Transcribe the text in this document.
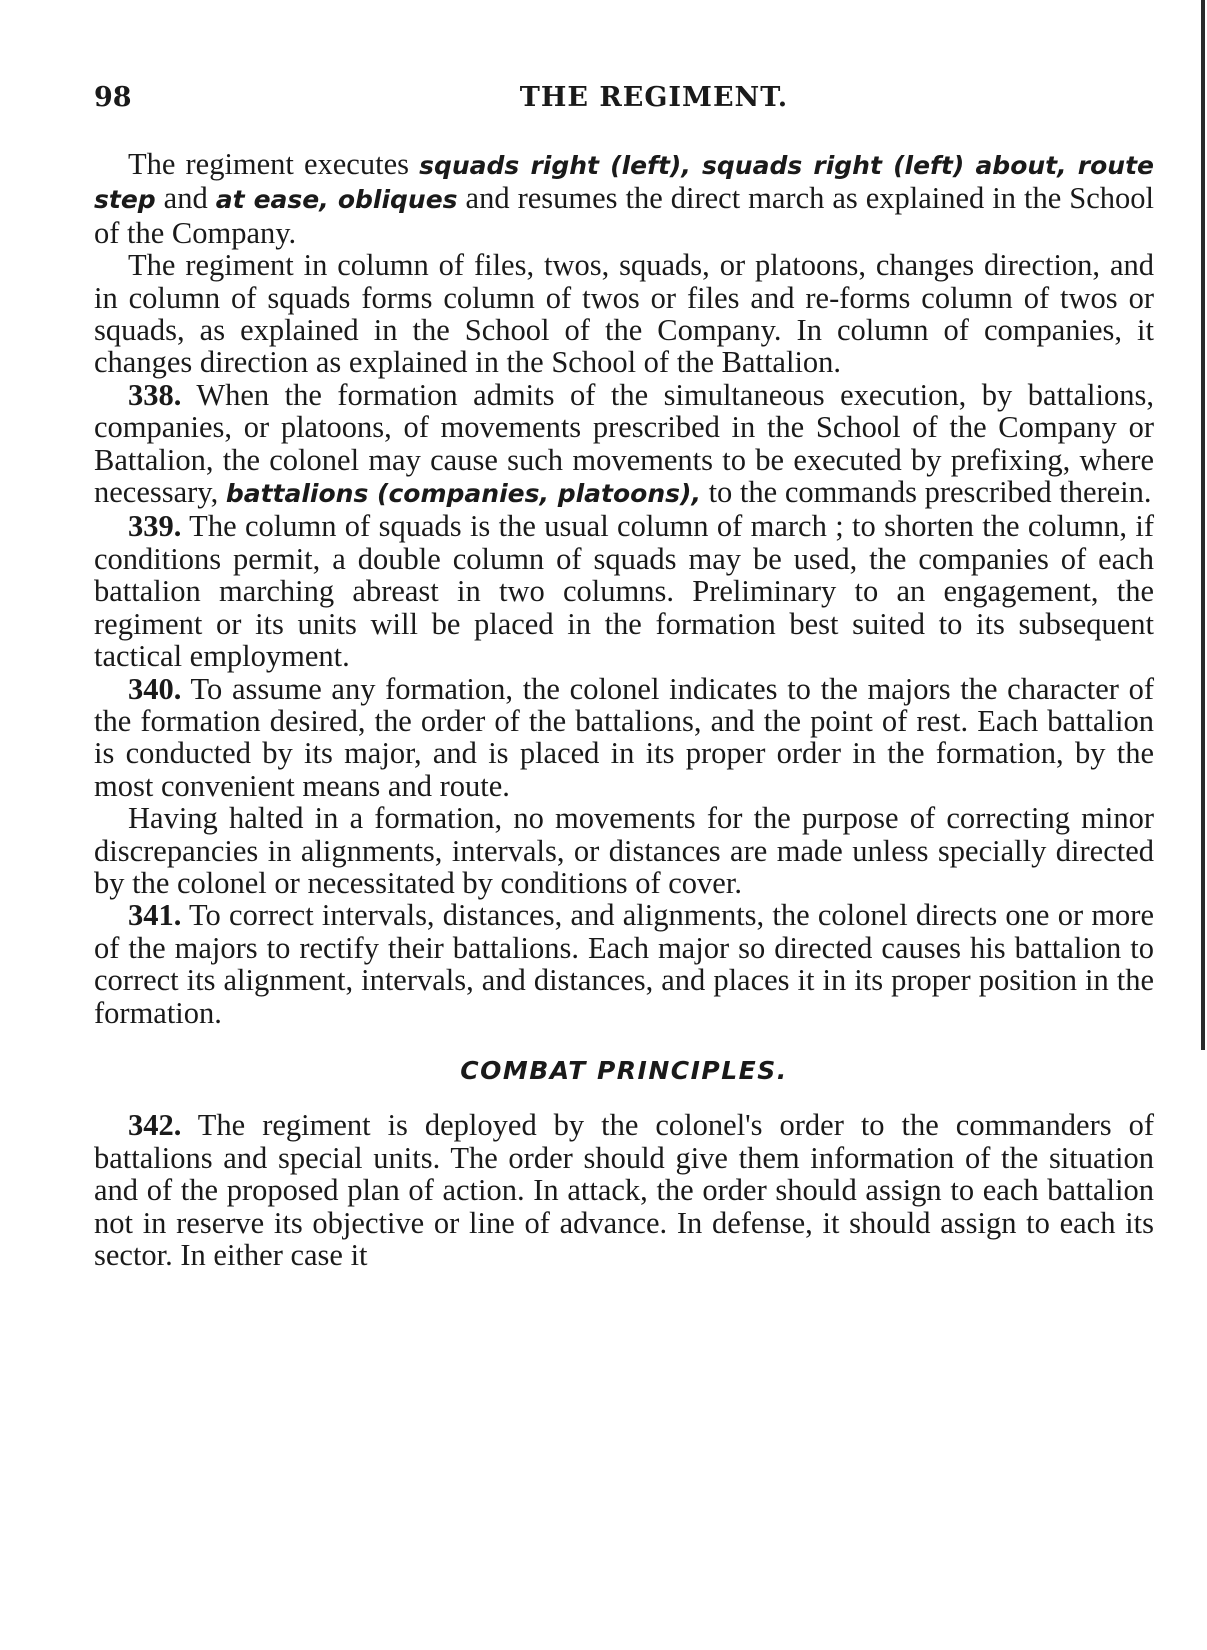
98	THE REGIMENT.

The regiment executes squads right (left), squads right (left) about, route step and at ease, obliques and resumes the direct march as explained in the School of the Company.

The regiment in column of files, twos, squads, or platoons, changes direction, and in column of squads forms column of twos or files and re-forms column of twos or squads, as explained in the School of the Company. In column of companies, it changes direction as explained in the School of the Battalion.

338. When the formation admits of the simultaneous execution, by battalions, companies, or platoons, of movements prescribed in the School of the Company or Battalion, the colonel may cause such movements to be executed by prefixing, where necessary, battalions (companies, platoons), to the commands prescribed therein.

339. The column of squads is the usual column of march ; to shorten the column, if conditions permit, a double column of squads may be used, the companies of each battalion marching abreast in two columns. Preliminary to an engagement, the regiment or its units will be placed in the formation best suited to its subsequent tactical employment.

340. To assume any formation, the colonel indicates to the majors the character of the formation desired, the order of the battalions, and the point of rest. Each battalion is conducted by its major, and is placed in its proper order in the formation, by the most convenient means and route.

Having halted in a formation, no movements for the purpose of correcting minor discrepancies in alignments, intervals, or distances are made unless specially directed by the colonel or necessitated by conditions of cover.

341. To correct intervals, distances, and alignments, the colonel directs one or more of the majors to rectify their battalions. Each major so directed causes his battalion to correct its alignment, intervals, and distances, and places it in its proper position in the formation.

COMBAT PRINCIPLES.

342. The regiment is deployed by the colonel's order to the commanders of battalions and special units. The order should give them information of the situation and of the proposed plan of action. In attack, the order should assign to each battalion not in reserve its objective or line of advance. In defense, it should assign to each its sector. In either case it
